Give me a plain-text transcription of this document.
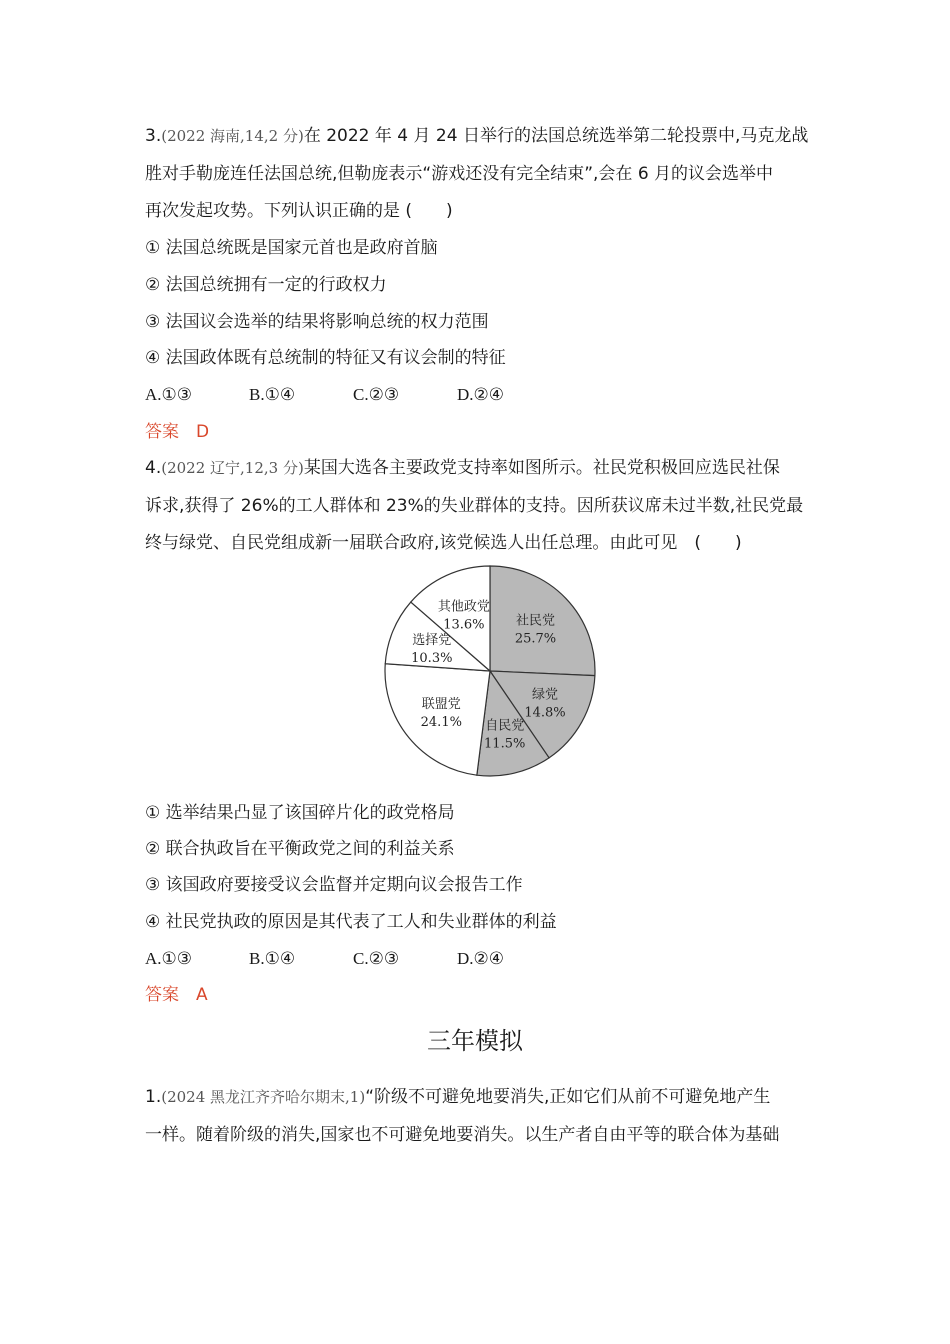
3.(2022 海南,14,2 分)在 2022 年 4 月 24 日举行的法国总统选举第二轮投票中,马克龙战
胜对手勒庞连任法国总统,但勒庞表示“游戏还没有完全结束”,会在 6 月的议会选举中
再次发起攻势。下列认识正确的是 (　　)
① 法国总统既是国家元首也是政府首脑
② 法国总统拥有一定的行政权力
③ 法国议会选举的结果将影响总统的权力范围
④ 法国政体既有总统制的特征又有议会制的特征
A.①③	B.①④	C.②③	D.②④
答案　D
4.(2022 辽宁,12,3 分)某国大选各主要政党支持率如图所示。社民党积极回应选民社保
诉求,获得了 26%的工人群体和 23%的失业群体的支持。因所获议席未过半数,社民党最
终与绿党、自民党组成新一届联合政府,该党候选人出任总理。由此可见　(　　)
社民党
25.7%
绿党
14.8%
自民党
11.5%
联盟党
24.1%
选择党
10.3%
其他政党
13.6%
① 选举结果凸显了该国碎片化的政党格局
② 联合执政旨在平衡政党之间的利益关系
③ 该国政府要接受议会监督并定期向议会报告工作
④ 社民党执政的原因是其代表了工人和失业群体的利益
A.①③	B.①④	C.②③	D.②④
答案　A
三年模拟
1.(2024 黑龙江齐齐哈尔期末,1)“阶级不可避免地要消失,正如它们从前不可避免地产生
一样。随着阶级的消失,国家也不可避免地要消失。以生产者自由平等的联合体为基础
